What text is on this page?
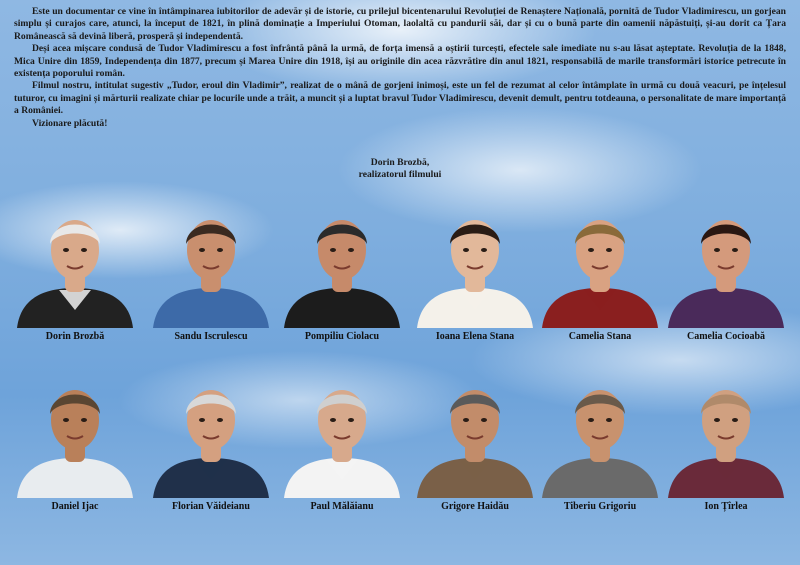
Este un documentar ce vine în întâmpinarea iubitorilor de adevăr și de istorie, cu prilejul bicentenarului Revoluției de Renaștere Națională, pornită de Tudor Vladimirescu, un gorjean simplu și curajos care, atunci, la început de 1821, în plină dominație a Imperiului Otoman, laolaltă cu pandurii săi, dar și cu o bună parte din oamenii năpăstuiți, și-au dorit ca Țara Românească să devină liberă, prosperă și independentă.

Deși acea mișcare condusă de Tudor Vladimirescu a fost înfrântă până la urmă, de forța imensă a oștirii turcești, efectele sale imediate nu s-au lăsat așteptate. Revoluția de la 1848, Mica Unire din 1859, Independența din 1877, precum și Marea Unire din 1918, își au originile din acea răzvrătire din anul 1821, responsabilă de marile transformări istorice petrecute în existența poporului român.

Filmul nostru, intitulat sugestiv „Tudor, eroul din Vladimir”, realizat de o mână de gorjeni inimoși, este un fel de rezumat al celor întâmplate în urmă cu două veacuri, pe înțelesul tuturor, cu imagini și mărturii realizate chiar pe locurile unde a trăit, a muncit și a luptat bravul Tudor Vladimirescu, devenit demult, pentru totdeauna, o personalitate de mare importanță a României.

Vizionare plăcută!

Dorin Brozbă,
realizatorul filmului
Dorin Brozbă	Sandu Iscrulescu	Pompiliu Ciolacu	Ioana Elena Stana	Camelia Stana	Camelia Cocioabă
Daniel Ijac	Florian Văideianu	Paul Mălăianu	Grigore Haidău	Tiberiu Grigoriu	Ion Țîrlea
